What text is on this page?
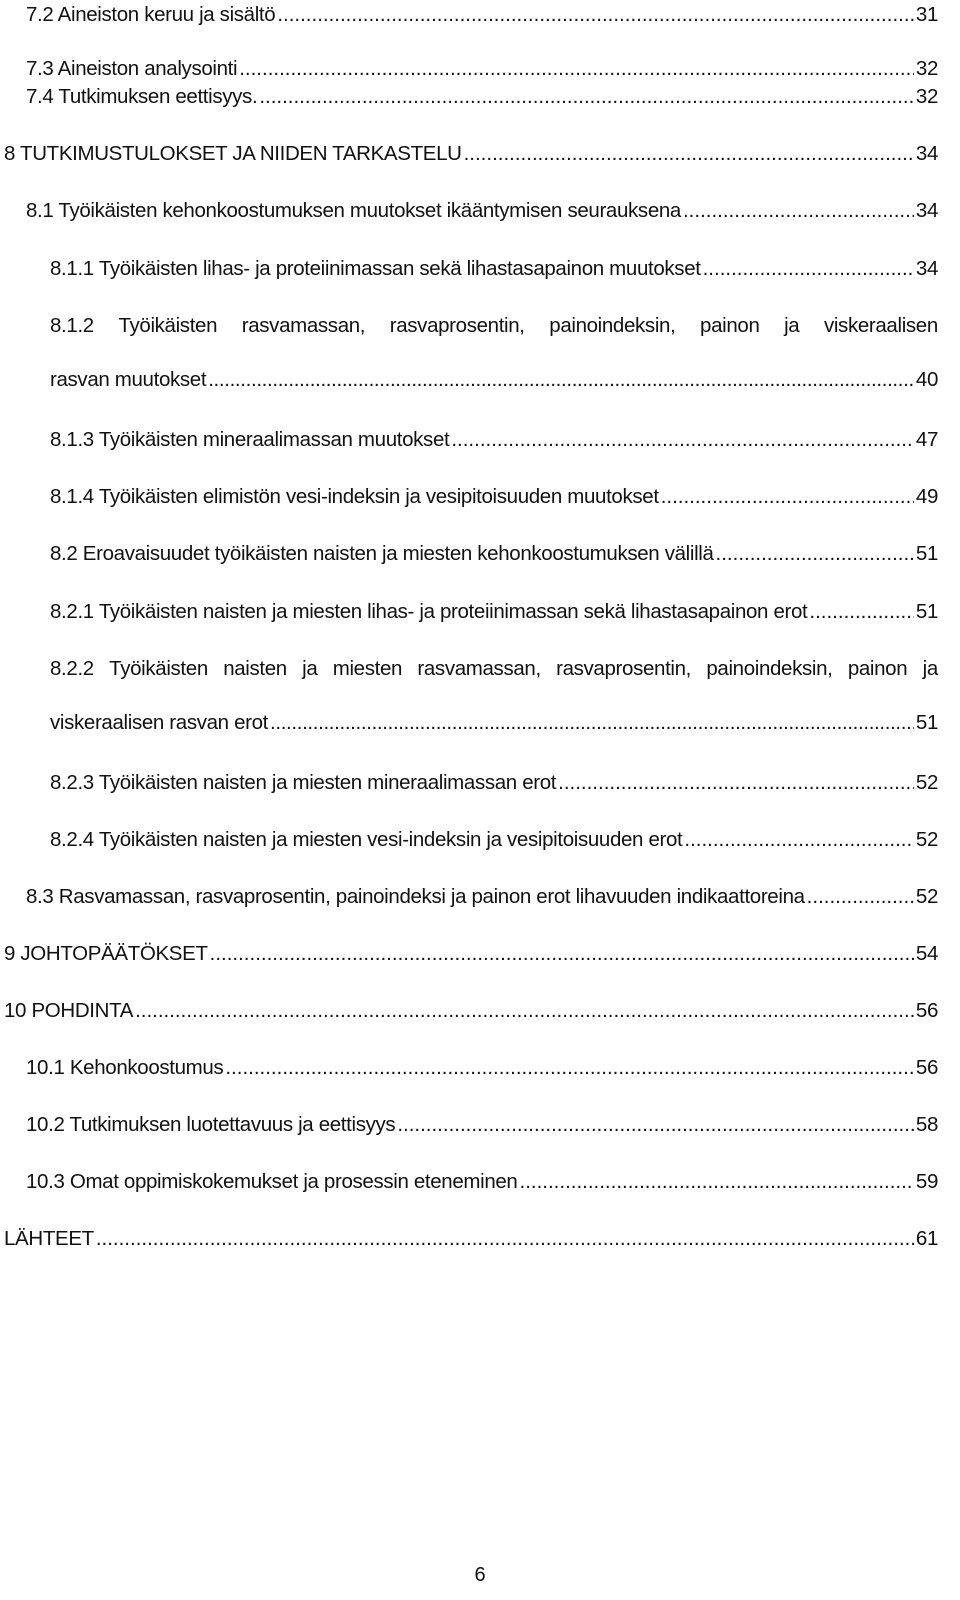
7.2 Aineiston keruu ja sisältö .....	31
7.3 Aineiston analysointi .....	32
7.4 Tutkimuksen eettisyys. .....	32
8 TUTKIMUSTULOKSET JA NIIDEN TARKASTELU .....	34
8.1 Työikäisten kehonkoostumuksen muutokset ikääntymisen seurauksena .....	34
8.1.1 Työikäisten lihas- ja proteiinimassan sekä lihastasapainon muutokset .....	34
8.1.2 Työikäisten rasvamassan, rasvaprosentin, painoindeksin, painon ja viskeraalisen
rasvan muutokset .....	40
8.1.3 Työikäisten mineraalimassan muutokset .....	47
8.1.4 Työikäisten elimistön vesi-indeksin ja vesipitoisuuden muutokset .....	49
8.2 Eroavaisuudet työikäisten naisten ja miesten kehonkoostumuksen välillä .....	51
8.2.1 Työikäisten naisten ja miesten lihas- ja proteiinimassan sekä lihastasapainon erot .....	51
8.2.2 Työikäisten naisten ja miesten rasvamassan, rasvaprosentin, painoindeksin, painon ja
viskeraalisen rasvan erot .....	51
8.2.3 Työikäisten naisten ja miesten mineraalimassan erot .....	52
8.2.4 Työikäisten naisten ja miesten vesi-indeksin ja vesipitoisuuden erot .....	52
8.3 Rasvamassan, rasvaprosentin, painoindeksi ja painon erot lihavuuden indikaattoreina .....	52
9 JOHTOPÄÄTÖKSET .....	54
10 POHDINTA .....	56
10.1 Kehonkoostumus .....	56
10.2 Tutkimuksen luotettavuus ja eettisyys .....	58
10.3 Omat oppimiskokemukset ja prosessin eteneminen .....	59
LÄHTEET .....	61
6
